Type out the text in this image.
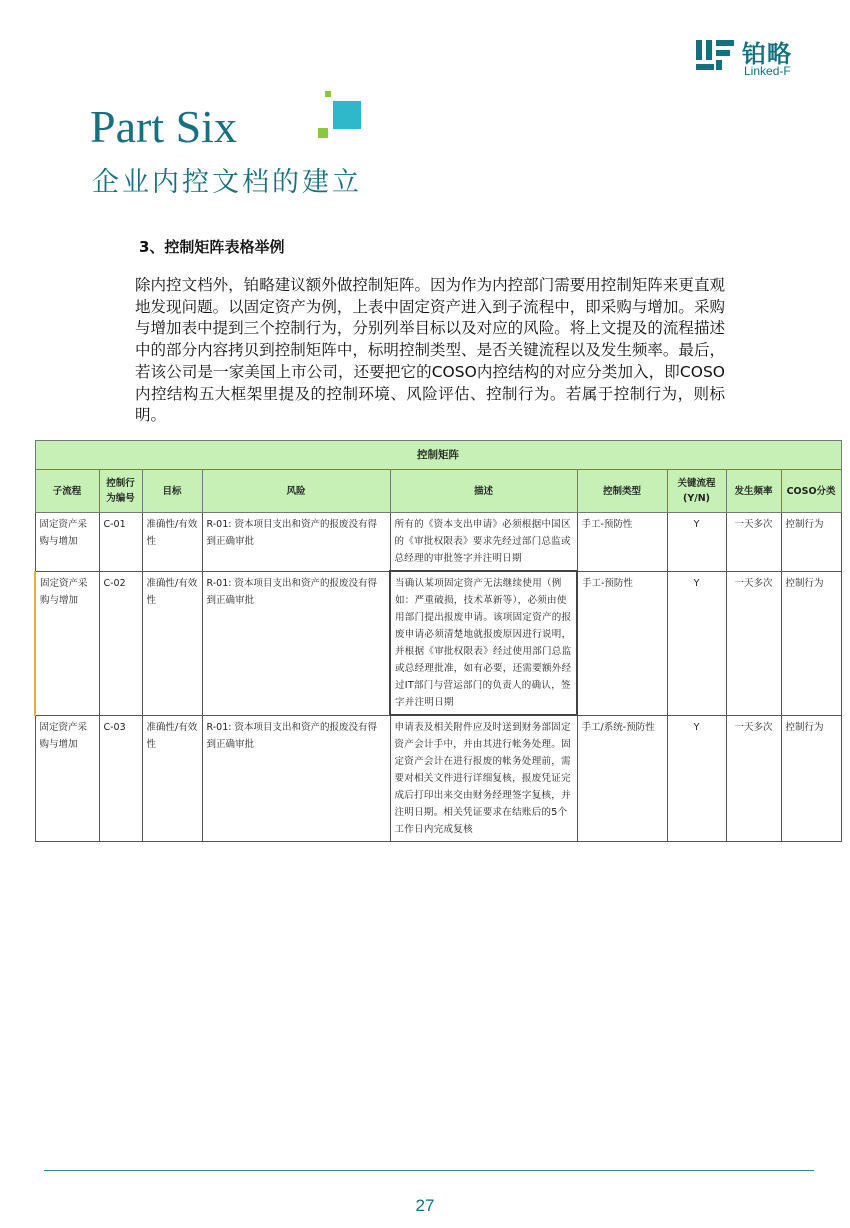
铂略
Linked-F
Part Six
企业内控文档的建立
3、控制矩阵表格举例
除内控文档外，铂略建议额外做控制矩阵。因为作为内控部门需要用控制矩阵来更直观地发现问题。以固定资产为例，上表中固定资产进入到子流程中，即采购与增加。采购与增加表中提到三个控制行为，分别列举目标以及对应的风险。将上文提及的流程描述中的部分内容拷贝到控制矩阵中，标明控制类型、是否关键流程以及发生频率。最后，若该公司是一家美国上市公司，还要把它的COSO内控结构的对应分类加入，即COSO内控结构五大框架里提及的控制环境、风险评估、控制行为。若属于控制行为，则标明。
控制矩阵								
子流程	控制行为编号	目标	风险	描述	控制类型	关键流程(Y/N)	发生频率	COSO分类
固定资产采购与增加	C-01	准确性/有效性	R-01: 资本项目支出和资产的报废没有得到正确审批	所有的《资本支出申请》必须根据中国区的《审批权限表》要求先经过部门总监或总经理的审批签字并注明日期	手工-预防性	Y	一天多次	控制行为
固定资产采购与增加	C-02	准确性/有效性	R-01: 资本项目支出和资产的报废没有得到正确审批	当确认某项固定资产无法继续使用（例如：严重破损，技术革新等），必须由使用部门提出报废申请。该项固定资产的报废申请必须清楚地就报废原因进行说明，并根据《审批权限表》经过使用部门总监或总经理批准，如有必要，还需要额外经过IT部门与营运部门的负责人的确认，签字并注明日期	手工-预防性	Y	一天多次	控制行为
固定资产采购与增加	C-03	准确性/有效性	R-01: 资本项目支出和资产的报废没有得到正确审批	申请表及相关附件应及时送到财务部固定资产会计手中，并由其进行帐务处理。固定资产会计在进行报废的帐务处理前，需要对相关文件进行详细复核，报废凭证完成后打印出来交由财务经理签字复核，并注明日期。相关凭证要求在结账后的5个工作日内完成复核	手工/系统-预防性	Y	一天多次	控制行为
27
